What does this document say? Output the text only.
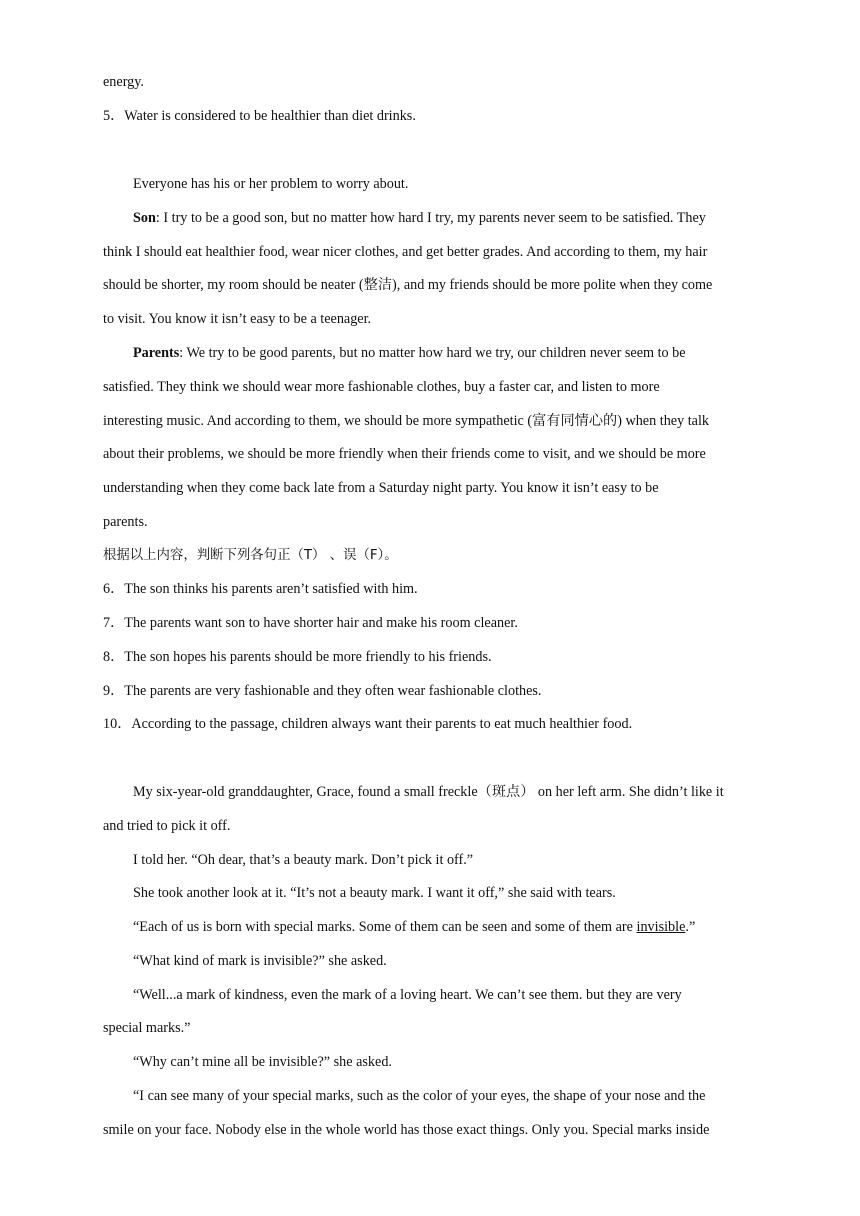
energy.
5．Water is considered to be healthier than diet drinks.
Everyone has his or her problem to worry about.
Son: I try to be a good son, but no matter how hard I try, my parents never seem to be satisfied. They
think I should eat healthier food, wear nicer clothes, and get better grades. And according to them, my hair
should be shorter, my room should be neater (整洁), and my friends should be more polite when they come
to visit. You know it isn’t easy to be a teenager.
Parents: We try to be good parents, but no matter how hard we try, our children never seem to be
satisfied. They think we should wear more fashionable clothes, buy a faster car, and listen to more
interesting music. And according to them, we should be more sympathetic (富有同情心的) when they talk
about their problems, we should be more friendly when their friends come to visit, and we should be more
understanding when they come back late from a Saturday night party. You know it isn’t easy to be
parents.
根据以上内容，判断下列各句正（T） 、误（F）。
6．The son thinks his parents aren’t satisfied with him.
7．The parents want son to have shorter hair and make his room cleaner.
8．The son hopes his parents should be more friendly to his friends.
9．The parents are very fashionable and they often wear fashionable clothes.
10．According to the passage, children always want their parents to eat much healthier food.
My six-year-old granddaughter, Grace, found a small freckle（斑点） on her left arm. She didn’t like it
and tried to pick it off.
I told her. “Oh dear, that’s a beauty mark. Don’t pick it off.”
She took another look at it. “It’s not a beauty mark. I want it off,” she said with tears.
“Each of us is born with special marks. Some of them can be seen and some of them are invisible.”
“What kind of mark is invisible?” she asked.
“Well...a mark of kindness, even the mark of a loving heart. We can’t see them. but they are very
special marks.”
“Why can’t mine all be invisible?” she asked.
“I can see many of your special marks, such as the color of your eyes, the shape of your nose and the
smile on your face. Nobody else in the whole world has those exact things. Only you. Special marks inside
